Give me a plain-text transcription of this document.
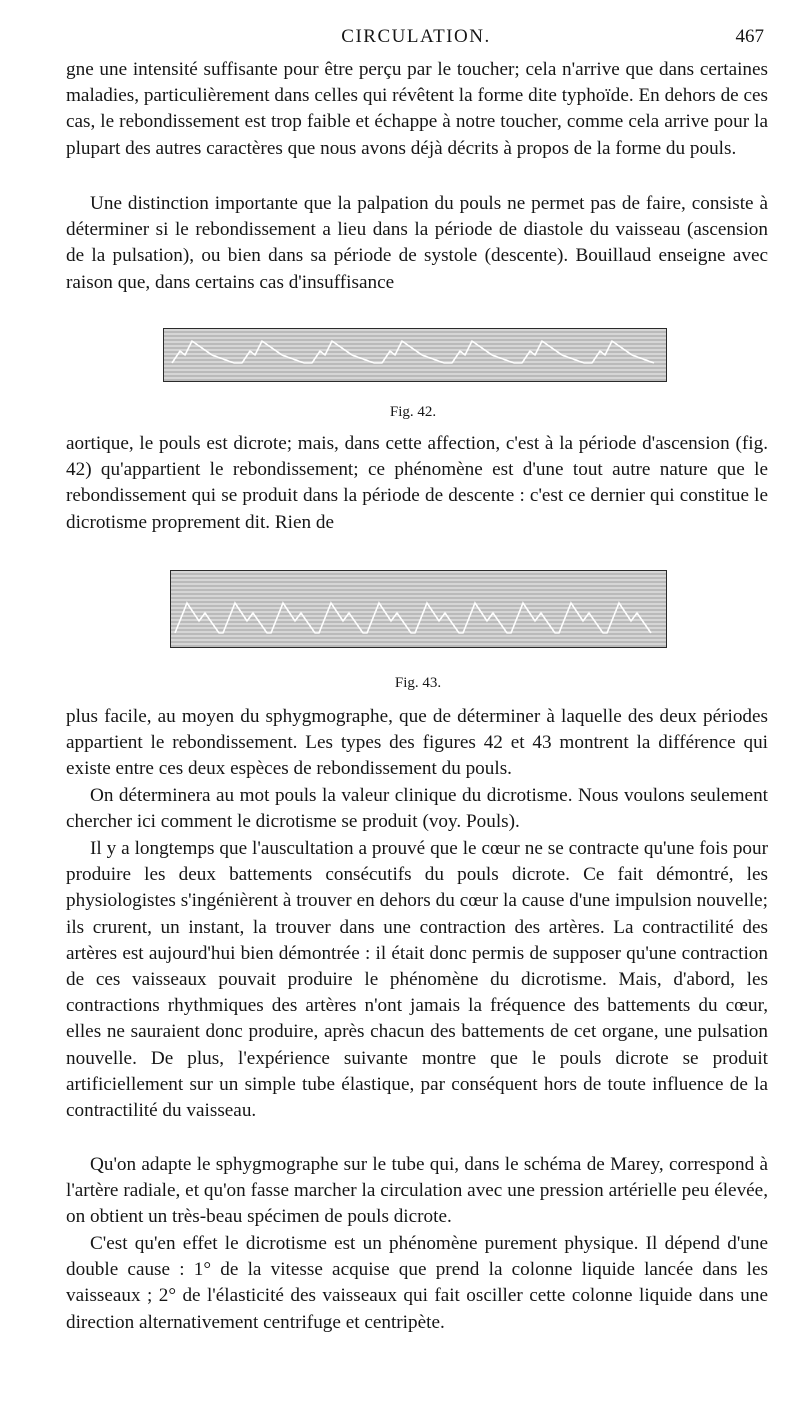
CIRCULATION.	467

gne une intensité suffisante pour être perçu par le toucher; cela n'arrive que dans certaines maladies, particulièrement dans celles qui révêtent la forme dite typhoïde. En dehors de ces cas, le rebondissement est trop faible et échappe à notre toucher, comme cela arrive pour la plupart des autres caractères que nous avons déjà décrits à propos de la forme du pouls.

Une distinction importante que la palpation du pouls ne permet pas de faire, consiste à déterminer si le rebondissement a lieu dans la période de diastole du vaisseau (ascension de la pulsation), ou bien dans sa période de systole (descente). Bouillaud enseigne avec raison que, dans certains cas d'insuffisance

Fig. 42.

aortique, le pouls est dicrote; mais, dans cette affection, c'est à la période d'ascension (fig. 42) qu'appartient le rebondissement; ce phénomène est d'une tout autre nature que le rebondissement qui se produit dans la période de descente : c'est ce dernier qui constitue le dicrotisme proprement dit. Rien de

Fig. 43.

plus facile, au moyen du sphygmographe, que de déterminer à laquelle des deux périodes appartient le rebondissement. Les types des figures 42 et 43 montrent la différence qui existe entre ces deux espèces de rebondissement du pouls.

On déterminera au mot pouls la valeur clinique du dicrotisme. Nous voulons seulement chercher ici comment le dicrotisme se produit (voy. Pouls).

Il y a longtemps que l'auscultation a prouvé que le cœur ne se contracte qu'une fois pour produire les deux battements consécutifs du pouls dicrote. Ce fait démontré, les physiologistes s'ingénièrent à trouver en dehors du cœur la cause d'une impulsion nouvelle; ils crurent, un instant, la trouver dans une contraction des artères. La contractilité des artères est aujourd'hui bien démontrée : il était donc permis de supposer qu'une contraction de ces vaisseaux pouvait produire le phénomène du dicrotisme. Mais, d'abord, les contractions rhythmiques des artères n'ont jamais la fréquence des battements du cœur, elles ne sauraient donc produire, après chacun des battements de cet organe, une pulsation nouvelle. De plus, l'expérience suivante montre que le pouls dicrote se produit artificiellement sur un simple tube élastique, par conséquent hors de toute influence de la contractilité du vaisseau.

Qu'on adapte le sphygmographe sur le tube qui, dans le schéma de Marey, correspond à l'artère radiale, et qu'on fasse marcher la circulation avec une pression artérielle peu élevée, on obtient un très-beau spécimen de pouls dicrote.

C'est qu'en effet le dicrotisme est un phénomène purement physique. Il dépend d'une double cause : 1° de la vitesse acquise que prend la colonne liquide lancée dans les vaisseaux ; 2° de l'élasticité des vaisseaux qui fait osciller cette colonne liquide dans une direction alternativement centrifuge et centripète.
